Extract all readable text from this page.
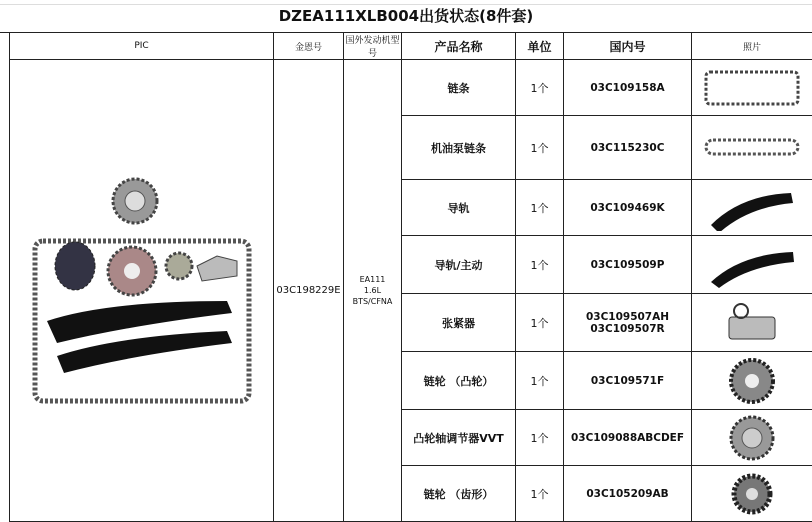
DZEA111XLB004出货状态(8件套)
PIC	金恩号	国外发动机型号	产品名称	单位	国内号	照片

	03C198229E	EA111
1.6L
BTS/CFNA	链条	1个	03C109158A	

			机油泵链条	1个	03C115230C	

			导轨	1个	03C109469K	

			导轨/主动	1个	03C109509P	

			张紧器	1个	03C109507AH
03C109507R

			链轮 （凸轮）	1个	03C109571F	

			凸轮轴调节器VVT	1个	03C109088ABCDEF	

			链轮 （齿形）	1个	03C105209AB	
